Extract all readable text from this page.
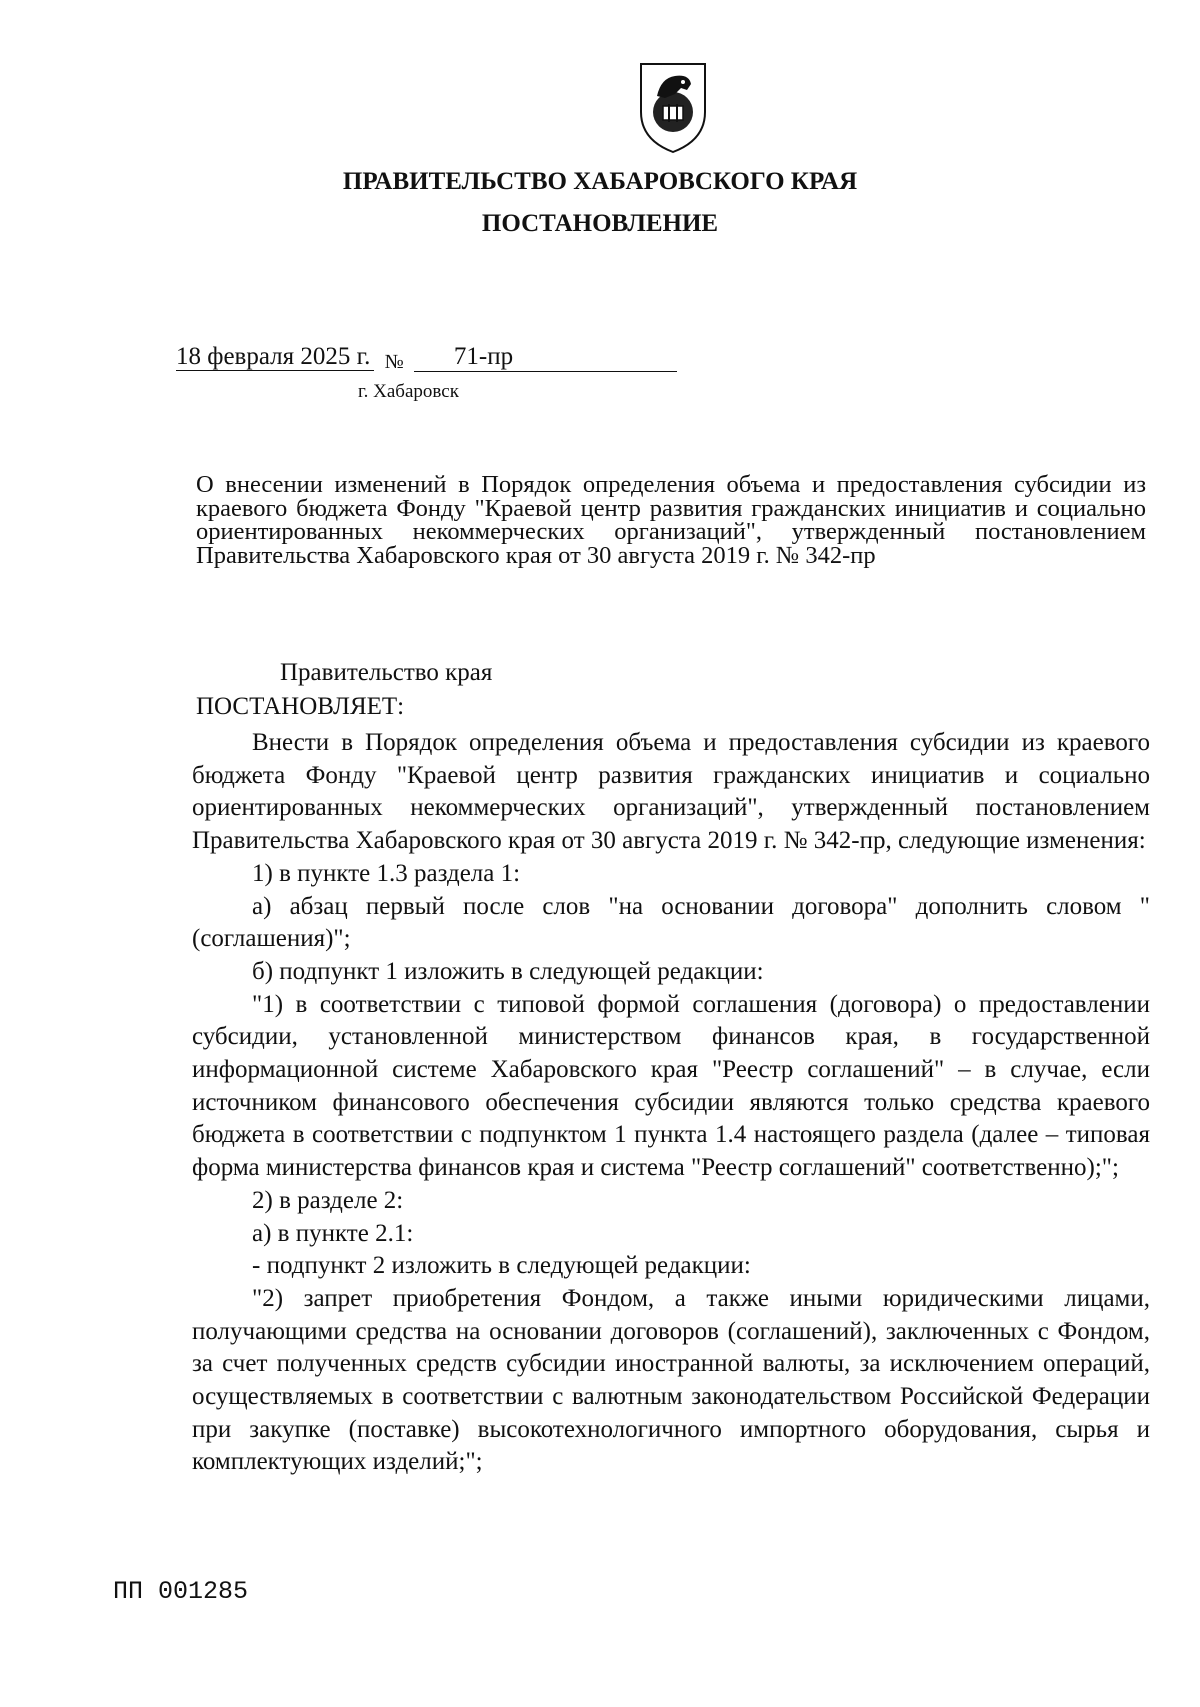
ПРАВИТЕЛЬСТВО ХАБАРОВСКОГО КРАЯ
ПОСТАНОВЛЕНИЕ
18 февраля 2025 г. № 71-пр
г. Хабаровск
О внесении изменений в Порядок определения объема и предоставления субсидии из краевого бюджета Фонду "Краевой центр развития гражданских инициатив и социально ориентированных некоммерческих организаций", утвержденный постановлением Правительства Хабаровского края от 30 августа 2019 г. № 342-пр
Правительство края
ПОСТАНОВЛЯЕТ:

Внести в Порядок определения объема и предоставления субсидии из краевого бюджета Фонду "Краевой центр развития гражданских инициатив и социально ориентированных некоммерческих организаций", утвержденный постановлением Правительства Хабаровского края от 30 августа 2019 г. № 342-пр, следующие изменения:

1) в пункте 1.3 раздела 1:

а) абзац первый после слов "на основании договора" дополнить словом "(соглашения)";

б) подпункт 1 изложить в следующей редакции:

"1) в соответствии с типовой формой соглашения (договора) о предоставлении субсидии, установленной министерством финансов края, в государственной информационной системе Хабаровского края "Реестр соглашений" – в случае, если источником финансового обеспечения субсидии являются только средства краевого бюджета в соответствии с подпунктом 1 пункта 1.4 настоящего раздела (далее – типовая форма министерства финансов края и система "Реестр соглашений" соответственно);";

2) в разделе 2:

а) в пункте 2.1:

- подпункт 2 изложить в следующей редакции:

"2) запрет приобретения Фондом, а также иными юридическими лицами, получающими средства на основании договоров (соглашений), заключенных с Фондом, за счет полученных средств субсидии иностранной валюты, за исключением операций, осуществляемых в соответствии с валютным законодательством Российской Федерации при закупке (поставке) высокотехнологичного импортного оборудования, сырья и комплектующих изделий;";

ПП 001285
